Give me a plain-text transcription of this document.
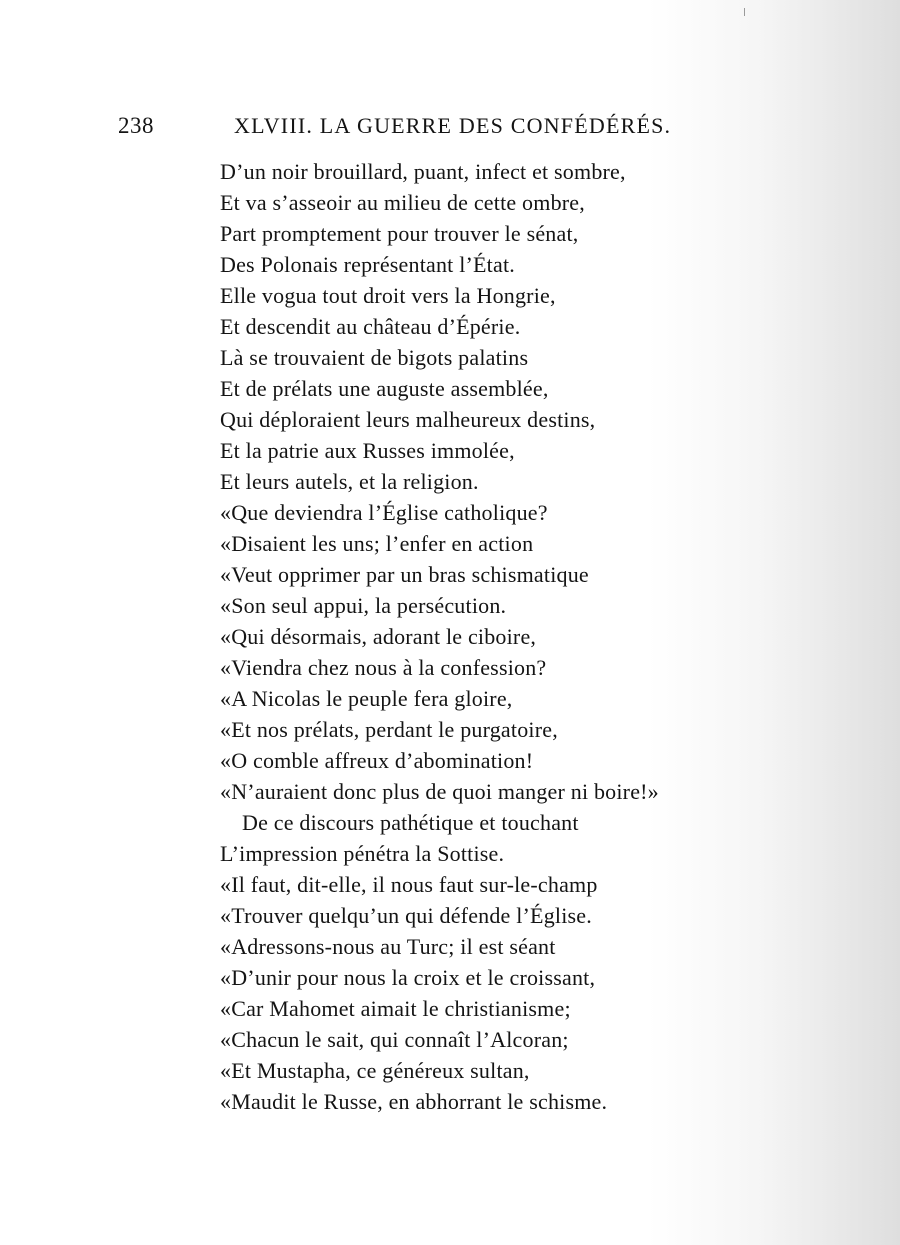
238	XLVIII. LA GUERRE DES CONFÉDÉRÉS.
D’un noir brouillard, puant, infect et sombre,
Et va s’asseoir au milieu de cette ombre,
Part promptement pour trouver le sénat,
Des Polonais représentant l’État.
Elle vogua tout droit vers la Hongrie,
Et descendit au château d’Épérie.
Là se trouvaient de bigots palatins
Et de prélats une auguste assemblée,
Qui déploraient leurs malheureux destins,
Et la patrie aux Russes immolée,
Et leurs autels, et la religion.
«Que deviendra l’Église catholique?
«Disaient les uns; l’enfer en action
«Veut opprimer par un bras schismatique
«Son seul appui, la persécution.
«Qui désormais, adorant le ciboire,
«Viendra chez nous à la confession?
«A Nicolas le peuple fera gloire,
«Et nos prélats, perdant le purgatoire,
«O comble affreux d’abomination!
«N’auraient donc plus de quoi manger ni boire!»
De ce discours pathétique et touchant
L’impression pénétra la Sottise.
«Il faut, dit-elle, il nous faut sur-le-champ
«Trouver quelqu’un qui défende l’Église.
«Adressons-nous au Turc; il est séant
«D’unir pour nous la croix et le croissant,
«Car Mahomet aimait le christianisme;
«Chacun le sait, qui connaît l’Alcoran;
«Et Mustapha, ce généreux sultan,
«Maudit le Russe, en abhorrant le schisme.
